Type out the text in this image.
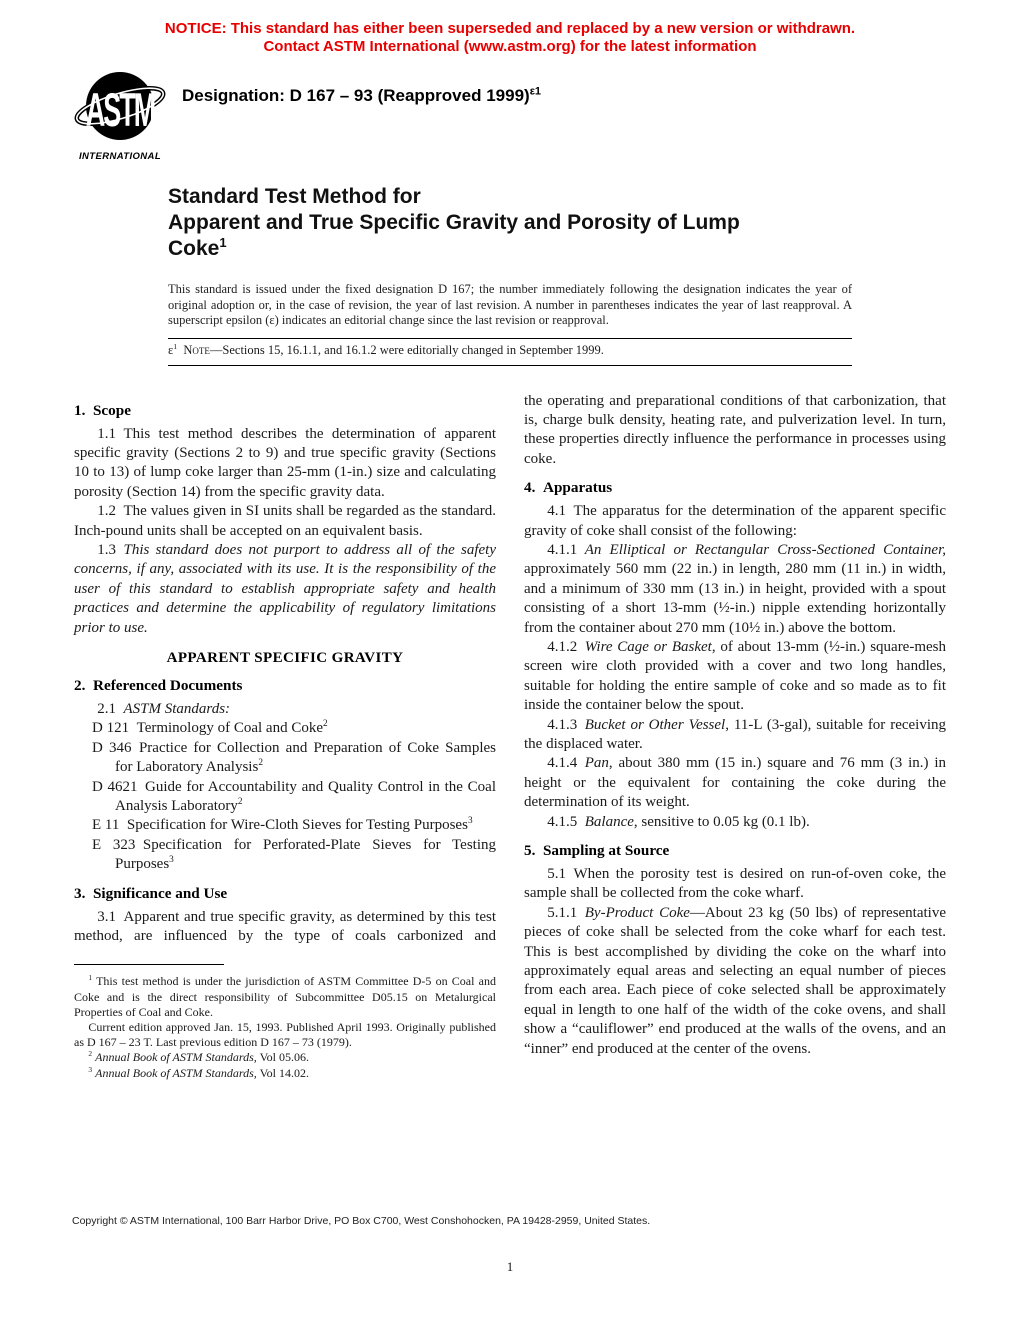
NOTICE: This standard has either been superseded and replaced by a new version or withdrawn.
Contact ASTM International (www.astm.org) for the latest information
ASTM
INTERNATIONAL
Designation: D 167 – 93 (Reapproved 1999)$^{\varepsilon 1}$
Standard Test Method for
Apparent and True Specific Gravity and Porosity of Lump
Coke$^1$

This standard is issued under the fixed designation D 167; the number immediately following the designation indicates the year of original adoption or, in the case of revision, the year of last revision. A number in parentheses indicates the year of last reapproval. A superscript epsilon (ε) indicates an editorial change since the last revision or reapproval.

$\varepsilon^1$  Note—Sections 15, 16.1.1, and 16.1.2 were editorially changed in September 1999.

1. Scope

1.1 This test method describes the determination of apparent specific gravity (Sections 2 to 9) and true specific gravity (Sections 10 to 13) of lump coke larger than 25-mm (1-in.) size and calculating porosity (Section 14) from the specific gravity data.

1.2 The values given in SI units shall be regarded as the standard. Inch-pound units shall be accepted on an equivalent basis.

1.3 This standard does not purport to address all of the safety concerns, if any, associated with its use. It is the responsibility of the user of this standard to establish appropriate safety and health practices and determine the applicability of regulatory limitations prior to use.

APPARENT SPECIFIC GRAVITY
2. Referenced Documents

2.1 ASTM Standards:

D 121 Terminology of Coal and Coke$^2$

D 346 Practice for Collection and Preparation of Coke Samples for Laboratory Analysis$^2$

D 4621 Guide for Accountability and Quality Control in the Coal Analysis Laboratory$^2$

E 11 Specification for Wire-Cloth Sieves for Testing Purposes$^3$

E 323 Specification for Perforated-Plate Sieves for Testing Purposes$^3$

3. Significance and Use

3.1 Apparent and true specific gravity, as determined by this test method, are influenced by the type of coals carbonized and

$^1$ This test method is under the jurisdiction of ASTM Committee D-5 on Coal and Coke and is the direct responsibility of Subcommittee D05.15 on Metalurgical Properties of Coal and Coke.

Current edition approved Jan. 15, 1993. Published April 1993. Originally published as D 167 – 23 T. Last previous edition D 167 – 73 (1979).

$^2$ Annual Book of ASTM Standards, Vol 05.06.

$^3$ Annual Book of ASTM Standards, Vol 14.02.

the operating and preparational conditions of that carbonization, that is, charge bulk density, heating rate, and pulverization level. In turn, these properties directly influence the performance in processes using coke.

4. Apparatus

4.1 The apparatus for the determination of the apparent specific gravity of coke shall consist of the following:

4.1.1 An Elliptical or Rectangular Cross-Sectioned Container, approximately 560 mm (22 in.) in length, 280 mm (11 in.) in width, and a minimum of 330 mm (13 in.) in height, provided with a spout consisting of a short 13-mm (½-in.) nipple extending horizontally from the container about 270 mm (10½ in.) above the bottom.

4.1.2 Wire Cage or Basket, of about 13-mm (½-in.) square-mesh screen wire cloth provided with a cover and two long handles, suitable for holding the entire sample of coke and so made as to fit inside the container below the spout.

4.1.3 Bucket or Other Vessel, 11-L (3-gal), suitable for receiving the displaced water.

4.1.4 Pan, about 380 mm (15 in.) square and 76 mm (3 in.) in height or the equivalent for containing the coke during the determination of its weight.

4.1.5 Balance, sensitive to 0.05 kg (0.1 lb).

5. Sampling at Source

5.1 When the porosity test is desired on run-of-oven coke, the sample shall be collected from the coke wharf.

5.1.1 By-Product Coke—About 23 kg (50 lbs) of representative pieces of coke shall be selected from the coke wharf for each test. This is best accomplished by dividing the coke on the wharf into approximately equal areas and selecting an equal number of pieces from each area. Each piece of coke selected shall be approximately equal in length to one half of the width of the coke ovens, and shall show a “cauliflower” end produced at the walls of the ovens, and an “inner” end produced at the center of the ovens.

Copyright © ASTM International, 100 Barr Harbor Drive, PO Box C700, West Conshohocken, PA 19428-2959, United States.

1
